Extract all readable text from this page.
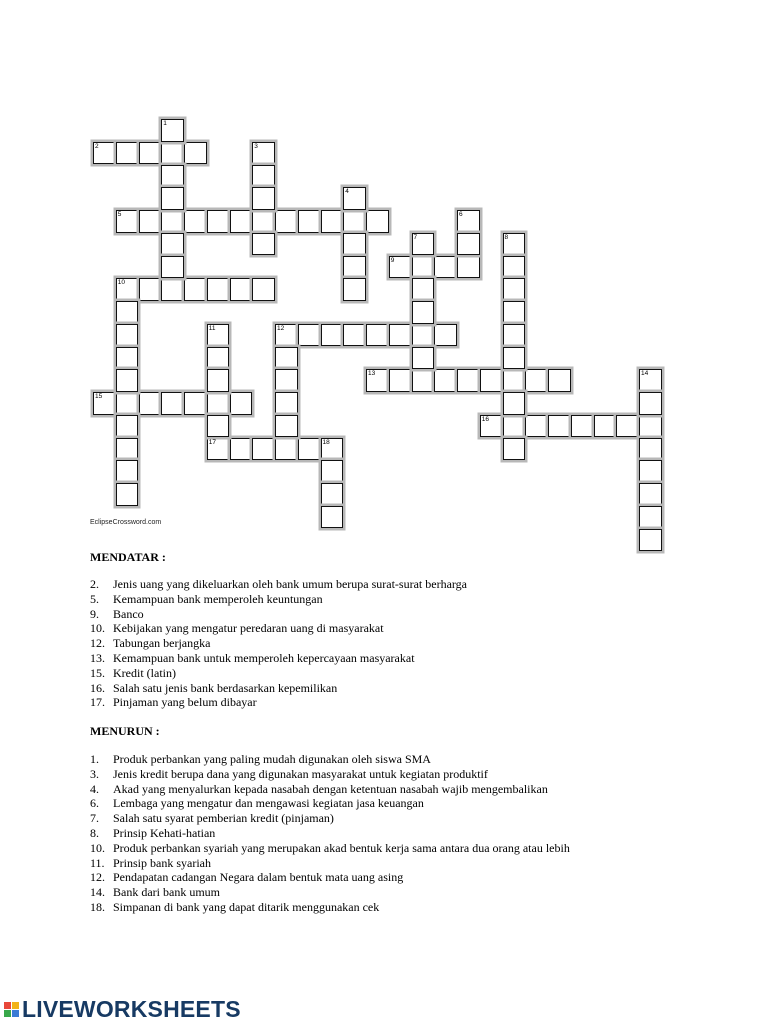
2
5
9
10
12
13
15
16
17
1
3
4
6
7	8
11
14
18
EclipseCrossword.com
MENDATAR :
2. Jenis uang yang dikeluarkan oleh bank umum berupa surat-surat berharga
5. Kemampuan bank memperoleh keuntungan
9. Banco
10. Kebijakan yang mengatur peredaran uang di masyarakat
12. Tabungan berjangka
13. Kemampuan bank untuk memperoleh kepercayaan masyarakat
15. Kredit (latin)
16. Salah satu jenis bank berdasarkan kepemilikan
17. Pinjaman yang belum dibayar
MENURUN :
1. Produk perbankan yang paling mudah digunakan oleh siswa SMA
3. Jenis kredit berupa dana yang digunakan masyarakat untuk kegiatan produktif
4. Akad yang menyalurkan kepada nasabah dengan ketentuan nasabah wajib mengembalikan
6. Lembaga yang mengatur dan mengawasi kegiatan jasa keuangan
7. Salah satu syarat pemberian kredit (pinjaman)
8. Prinsip Kehati-hatian
10. Produk perbankan syariah yang merupakan akad bentuk kerja sama antara dua orang atau lebih
11. Prinsip bank syariah
12. Pendapatan cadangan Negara dalam bentuk mata uang asing
14. Bank dari bank umum
18. Simpanan di bank yang dapat ditarik menggunakan cek
LIVEWORKSHEETS
